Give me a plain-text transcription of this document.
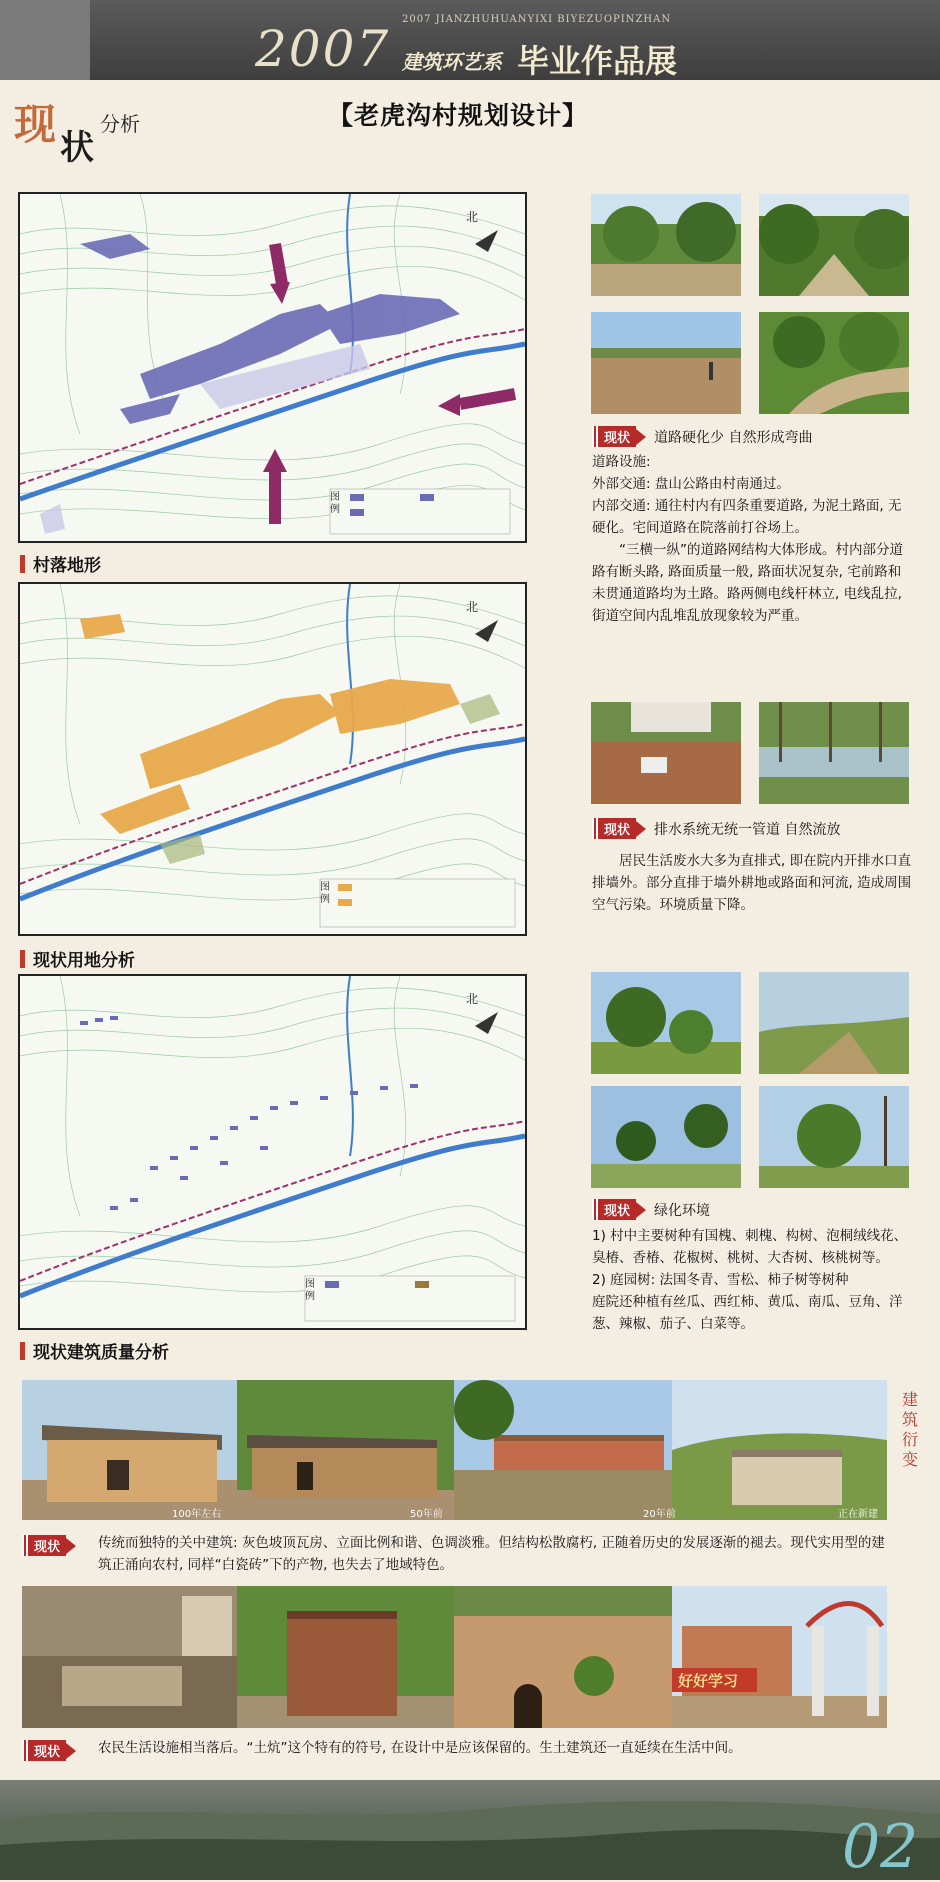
2007 JIANZHUHUANYIXI BIYEZUOPINZHAN
2007 建筑环艺系 毕业作品展
现 状
分析	【老虎沟村规划设计】
北
图例
村落地形
北
图例
现状用地分析
北
图例
现状建筑质量分析
现状	道路硬化少 自然形成弯曲
道路设施:
外部交通: 盘山公路由村南通过。
内部交通: 通往村内有四条重要道路, 为泥土路面, 无硬化。宅间道路在院落前打谷场上。
“三横一纵”的道路网结构大体形成。村内部分道路有断头路, 路面质量一般, 路面状况复杂, 宅前路和未贯通道路均为土路。路两侧电线杆林立, 电线乱拉, 街道空间内乱堆乱放现象较为严重。
现状	排水系统无统一管道 自然流放
居民生活废水大多为直排式, 即在院内开排水口直排墙外。部分直排于墙外耕地或路面和河流, 造成周围空气污染。环境质量下降。
现状	绿化环境
1) 村中主要树种有国槐、刺槐、构树、泡桐绒线花、臭椿、香椿、花椒树、桃树、大杏树、核桃树等。
2) 庭园树: 法国冬青、雪松、柿子树等树种
庭院还种植有丝瓜、西红柿、黄瓜、南瓜、豆角、洋葱、辣椒、茄子、白菜等。
100年左右	50年前	20年前	正在新建
建筑衍变
现状	传统而独特的关中建筑: 灰色坡顶瓦房、立面比例和谐、色调淡雅。但结构松散腐朽, 正随着历史的发展逐渐的褪去。现代实用型的建筑正涌向农村, 同样“白瓷砖”下的产物, 也失去了地域特色。
好好学习
现状	农民生活设施相当落后。“土炕”这个特有的符号, 在设计中是应该保留的。生土建筑还一直延续在生活中间。
02
